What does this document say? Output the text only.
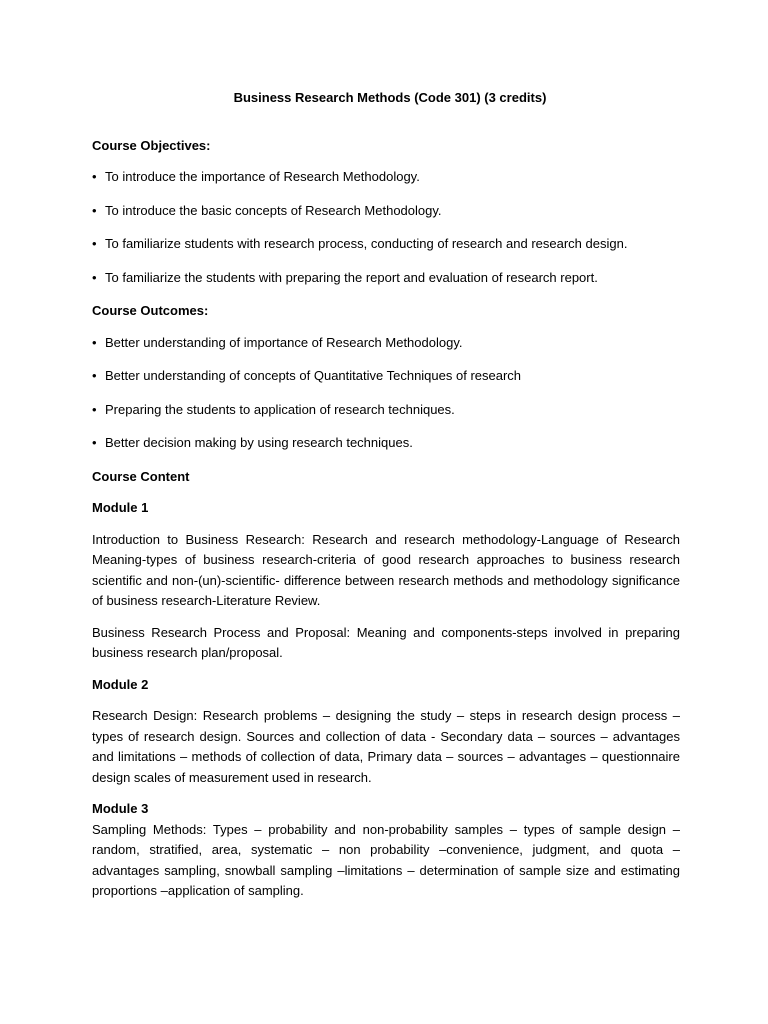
Business Research Methods (Code 301) (3 credits)
Course Objectives:
• To introduce the importance of Research Methodology.
• To introduce the basic concepts of Research Methodology.
• To familiarize students with research process, conducting of research and research design.
• To familiarize the students with preparing the report and evaluation of research report.
Course Outcomes:
• Better understanding of importance of Research Methodology.
• Better understanding of concepts of Quantitative Techniques of research
• Preparing the students to application of research techniques.
• Better decision making by using research techniques.
Course Content
Module 1
Introduction to Business Research: Research and research methodology-Language of Research Meaning-types of business research-criteria of good research approaches to business research scientific and non-(un)-scientific- difference between research methods and methodology significance of business research-Literature Review.
Business Research Process and Proposal: Meaning and components-steps involved in preparing business research plan/proposal.
Module 2
Research Design: Research problems – designing the study – steps in research design process – types of research design. Sources and collection of data - Secondary data – sources – advantages and limitations – methods of collection of data, Primary data – sources – advantages – questionnaire design scales of measurement used in research.
Module 3
Sampling Methods: Types – probability and non-probability samples – types of sample design – random, stratified, area, systematic – non probability –convenience, judgment, and quota – advantages sampling, snowball sampling –limitations – determination of sample size and estimating proportions –application of sampling.
